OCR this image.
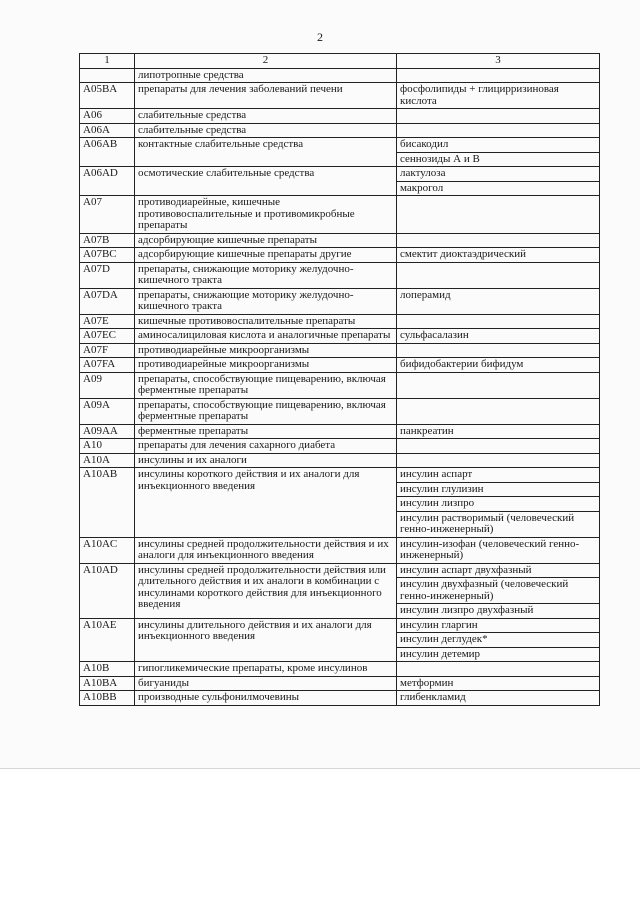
2
1	2	3
	липотропные средства	
A05BA	препараты для лечения заболеваний печени	фосфолипиды + глицирризиновая кислота
A06	слабительные средства	
A06A	слабительные средства	
A06AB	контактные слабительные средства	бисакодил
		сеннозиды А и В
A06AD	осмотические слабительные средства	лактулоза
		макрогол
A07	противодиарейные, кишечные противовоспалительные и противомикробные препараты	
A07B	адсорбирующие кишечные препараты	
A07BC	адсорбирующие кишечные препараты другие	смектит диоктаэдрический
A07D	препараты, снижающие моторику желудочно-кишечного тракта	
A07DA	препараты, снижающие моторику желудочно-кишечного тракта	лоперамид
A07E	кишечные противовоспалительные препараты	
A07EC	аминосалициловая кислота и аналогичные препараты	сульфасалазин
A07F	противодиарейные микроорганизмы	
A07FA	противодиарейные микроорганизмы	бифидобактерии бифидум
A09	препараты, способствующие пищеварению, включая ферментные препараты	
A09A	препараты, способствующие пищеварению, включая ферментные препараты	
A09AA	ферментные препараты	панкреатин
A10	препараты для лечения сахарного диабета	
A10A	инсулины и их аналоги	
A10AB	инсулины короткого действия и их аналоги для инъекционного введения	инсулин аспарт
		инсулин глулизин
		инсулин лизпро
		инсулин растворимый (человеческий генно-инженерный)
A10AC	инсулины средней продолжительности действия и их аналоги для инъекционного введения	инсулин-изофан (человеческий генно-инженерный)
A10AD	инсулины средней продолжительности действия или длительного действия и их аналоги в комбинации с инсулинами короткого действия для инъекционного введения	инсулин аспарт двухфазный
		инсулин двухфазный (человеческий генно-инженерный)
		инсулин лизпро двухфазный
A10AE	инсулины длительного действия и их аналоги для инъекционного введения	инсулин гларгин
		инсулин деглудек*
		инсулин детемир
A10B	гипогликемические препараты, кроме инсулинов	
A10BA	бигуаниды	метформин
A10BB	производные сульфонилмочевины	глибенкламид
